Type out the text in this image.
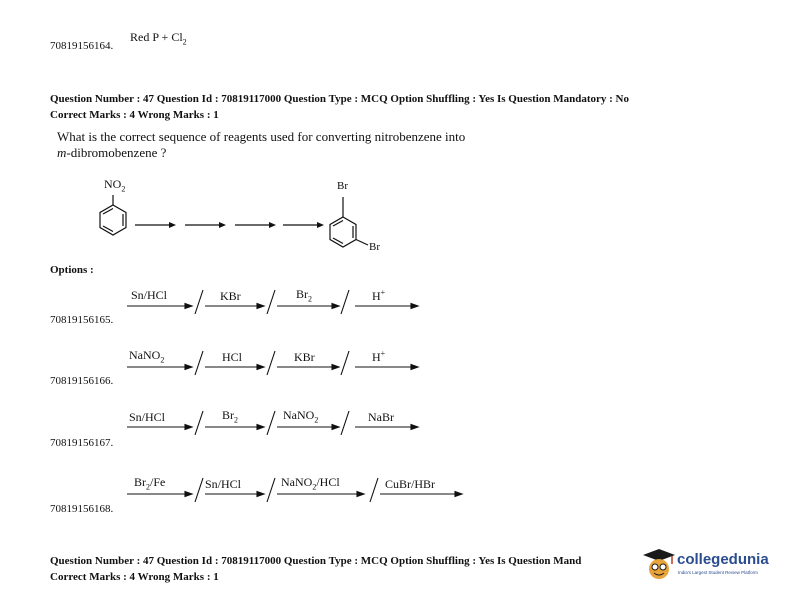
70819156164.
Red $P + Cl_2$
Question Number : 47 Question Id : 70819117000 Question Type : MCQ Option Shuffling : Yes Is Question Mandatory : No
Correct Marks : 4 Wrong Marks : 1
What is the correct sequence of reagents used for converting nitrobenzene into
m-dibromobenzene ?
$NO_2$	Br
Br
Options :
Sn/HCl	KBr	$Br_2$	H+
70819156165.
NaNO$_2$	HCl	KBr	H+
70819156166.
Sn/HCl	$Br_2$	NaNO$_2$	NaBr
70819156167.
$Br_2/Fe$	Sn/HCl	NaNO$_2$/HCl	CuBr/HBr
70819156168.
Question Number : 47 Question Id : 70819117000 Question Type : MCQ Option Shuffling : Yes Is Question Mand
Correct Marks : 4 Wrong Marks : 1
collegedunia
India's Largest Student Review Platform
